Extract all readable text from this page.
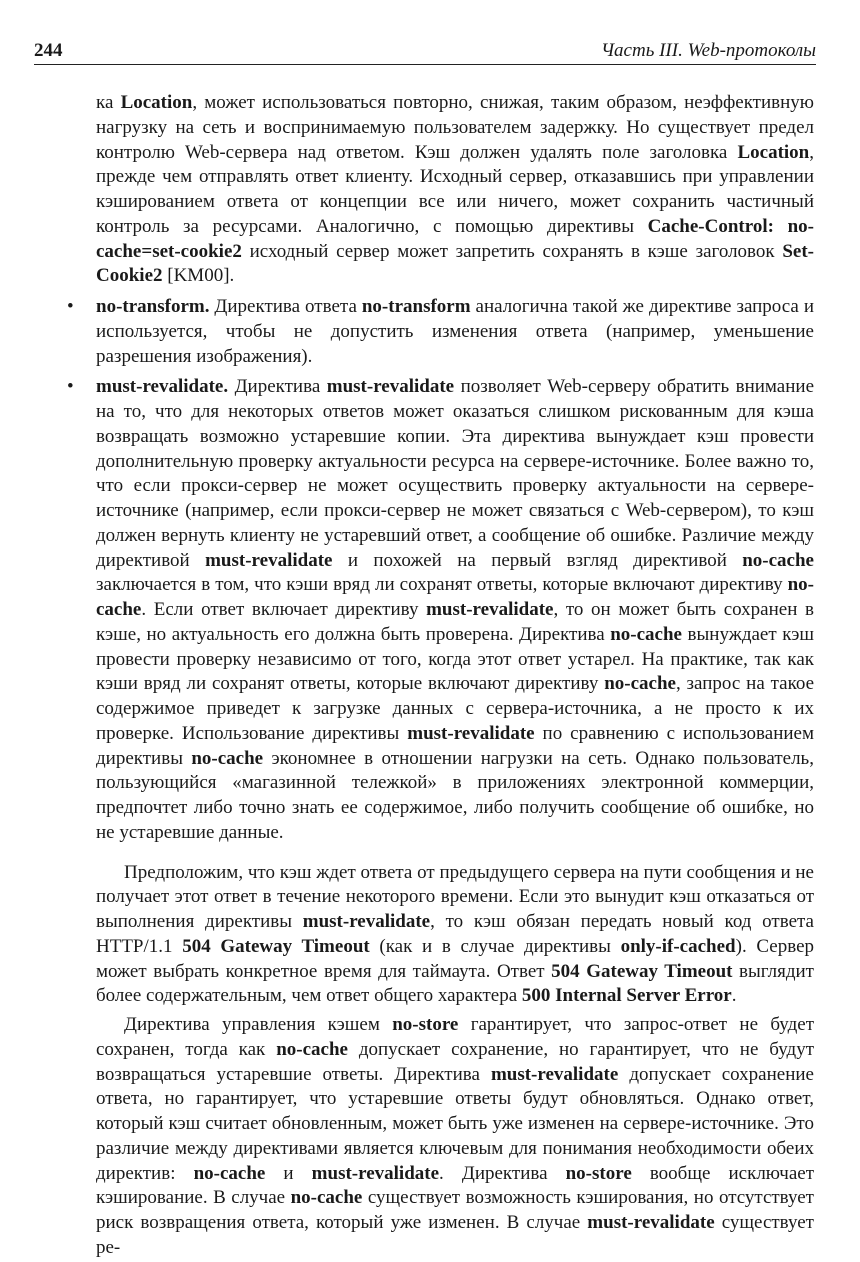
244	Часть III. Web-протоколы

ка Location, может использоваться повторно, снижая, таким образом, неэффективную нагрузку на сеть и воспринимаемую пользователем задержку. Но существует предел контролю Web-сервера над ответом. Кэш должен удалять поле заголовка Location, прежде чем отправлять ответ клиенту. Исходный сервер, отказавшись при управлении кэшированием ответа от концепции все или ничего, может сохранить частичный контроль за ресурсами. Аналогично, с помощью директивы Cache-Control: no-cache=set-cookie2 исходный сервер может запретить сохранять в кэше заголовок Set-Cookie2 [KM00].

• no-transform. Директива ответа no-transform аналогична такой же директиве запроса и используется, чтобы не допустить изменения ответа (например, уменьшение разрешения изображения).

• must-revalidate. Директива must-revalidate позволяет Web-серверу обратить внимание на то, что для некоторых ответов может оказаться слишком рискованным для кэша возвращать возможно устаревшие копии. Эта директива вынуждает кэш провести дополнительную проверку актуальности ресурса на сервере-источнике. Более важно то, что если прокси-сервер не может осуществить проверку актуальности на сервере-источнике (например, если прокси-сервер не может связаться с Web-сервером), то кэш должен вернуть клиенту не устаревший ответ, а сообщение об ошибке. Различие между директивой must-revalidate и похожей на первый взгляд директивой no-cache заключается в том, что кэши вряд ли сохранят ответы, которые включают директиву no-cache. Если ответ включает директиву must-revalidate, то он может быть сохранен в кэше, но актуальность его должна быть проверена. Директива no-cache вынуждает кэш провести проверку независимо от того, когда этот ответ устарел. На практике, так как кэши вряд ли сохранят ответы, которые включают директиву no-cache, запрос на такое содержимое приведет к загрузке данных с сервера-источника, а не просто к их проверке. Использование директивы must-revalidate по сравнению с использованием директивы no-cache экономнее в отношении нагрузки на сеть. Однако пользователь, пользующийся «магазинной тележкой» в приложениях электронной коммерции, предпочтет либо точно знать ее содержимое, либо получить сообщение об ошибке, но не устаревшие данные.

Предположим, что кэш ждет ответа от предыдущего сервера на пути сообщения и не получает этот ответ в течение некоторого времени. Если это вынудит кэш отказаться от выполнения директивы must-revalidate, то кэш обязан передать новый код ответа HTTP/1.1 504 Gateway Timeout (как и в случае директивы only-if-cached). Сервер может выбрать конкретное время для таймаута. Ответ 504 Gateway Timeout выглядит более содержательным, чем ответ общего характера 500 Internal Server Error.

Директива управления кэшем no-store гарантирует, что запрос-ответ не будет сохранен, тогда как no-cache допускает сохранение, но гарантирует, что не будут возвращаться устаревшие ответы. Директива must-revalidate допускает сохранение ответа, но гарантирует, что устаревшие ответы будут обновляться. Однако ответ, который кэш считает обновленным, может быть уже изменен на сервере-источнике. Это различие между директивами является ключевым для понимания необходимости обеих директив: no-cache и must-revalidate. Директива no-store вообще исключает кэширование. В случае no-cache существует возможность кэширования, но отсутствует риск возвращения ответа, который уже изменен. В случае must-revalidate существует ре-
